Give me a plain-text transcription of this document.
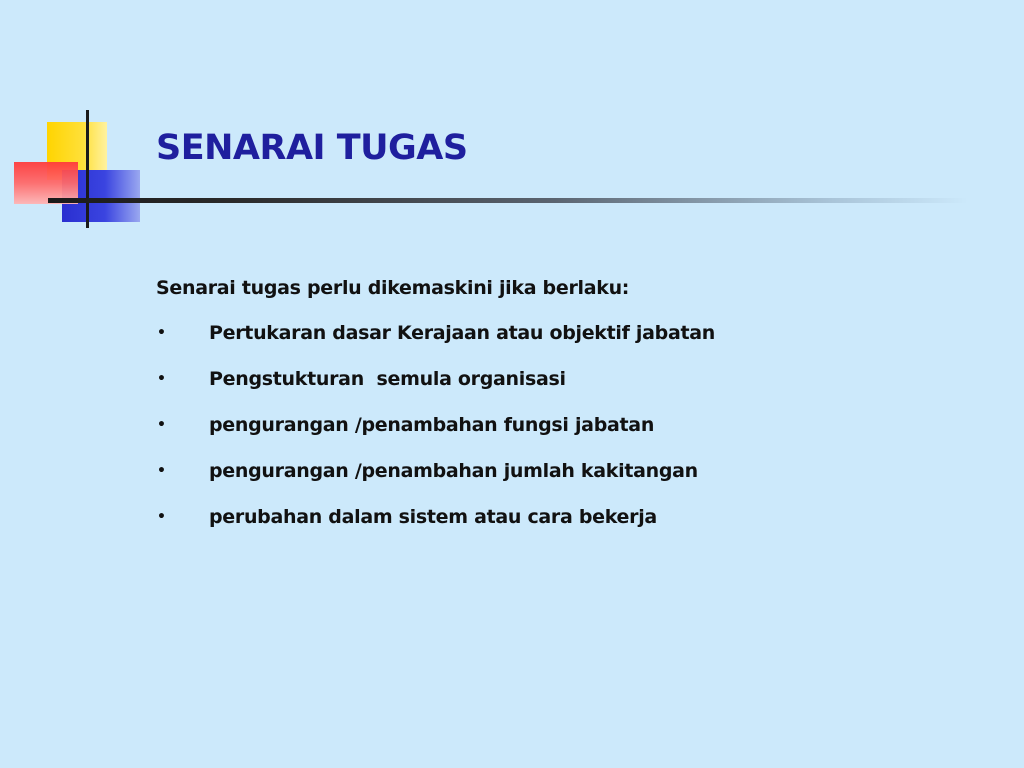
SENARAI TUGAS

Senarai tugas perlu dikemaskini jika berlaku:

•	Pertukaran dasar Kerajaan atau objektif jabatan
•	Pengstukturan  semula organisasi
•	pengurangan /penambahan fungsi jabatan
•	pengurangan /penambahan jumlah kakitangan
•	perubahan dalam sistem atau cara bekerja
